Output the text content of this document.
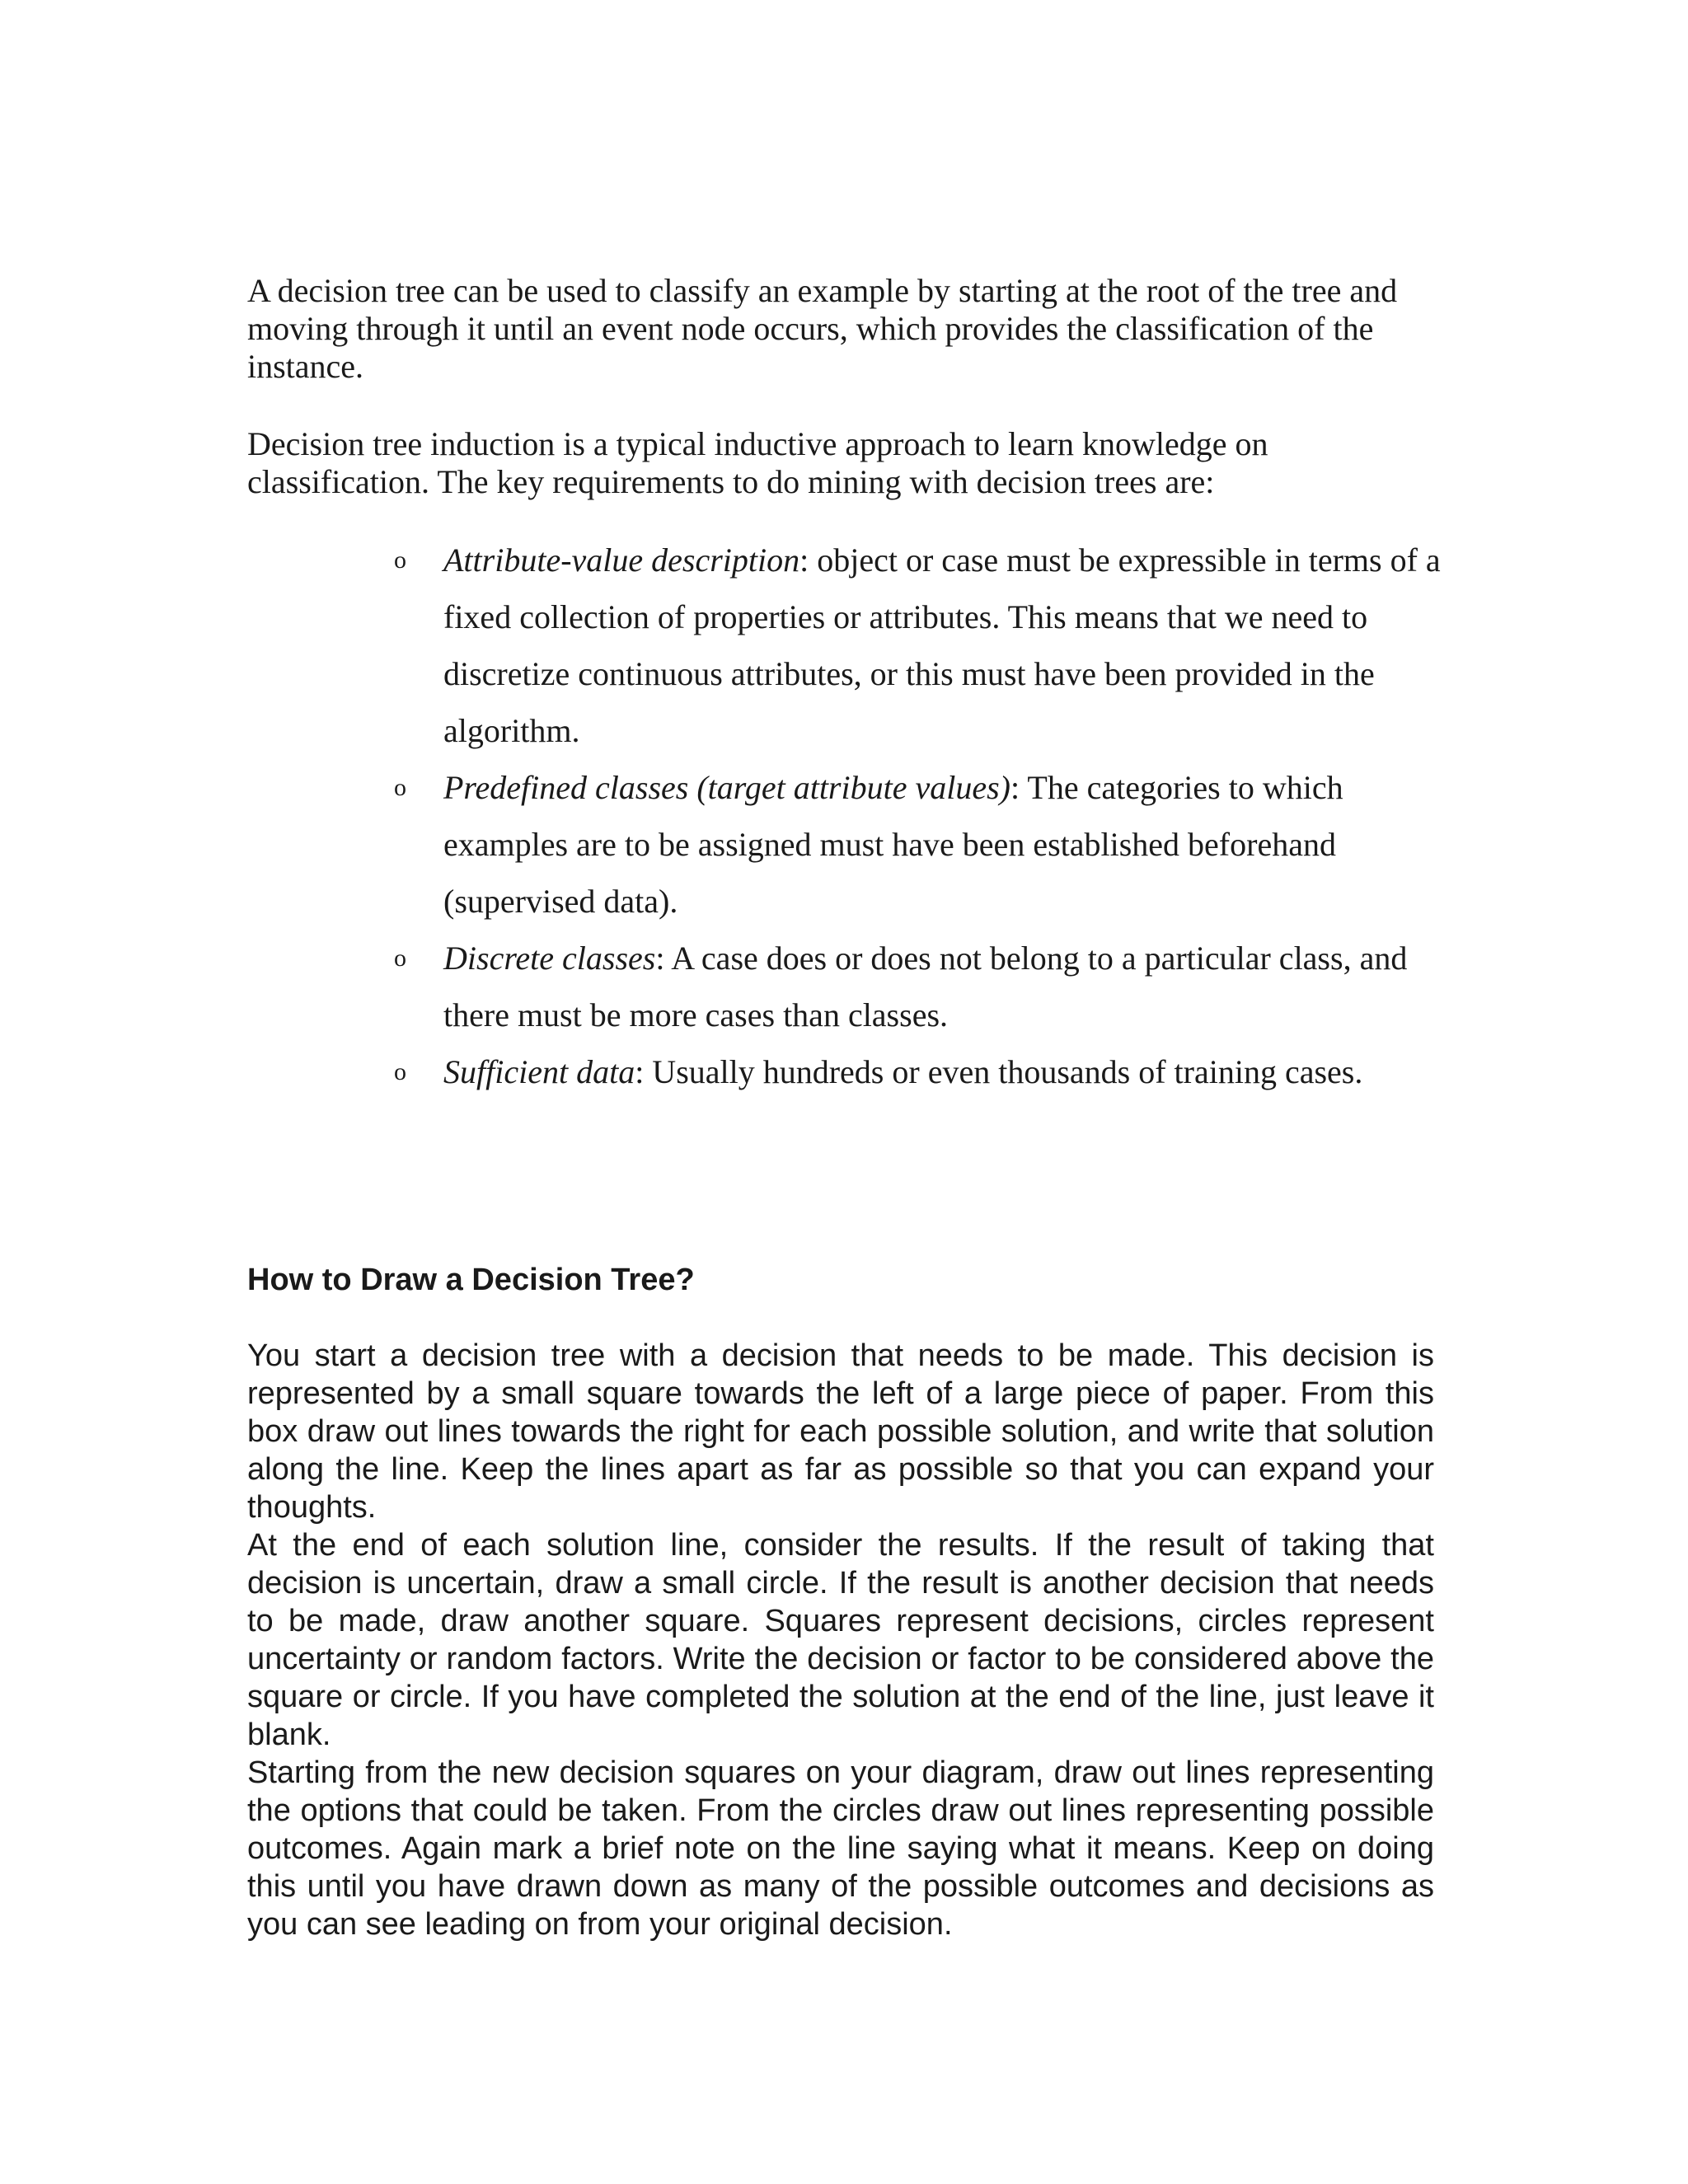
A decision tree can be used to classify an example by starting at the root of the tree and moving through it until an event node occurs, which provides the classification of the instance.

Decision tree induction is a typical inductive approach to learn knowledge on classification. The key requirements to do mining with decision trees are:

o Attribute-value description: object or case must be expressible in terms of a fixed collection of properties or attributes. This means that we need to discretize continuous attributes, or this must have been provided in the algorithm.
o Predefined classes (target attribute values): The categories to which examples are to be assigned must have been established beforehand (supervised data).
o Discrete classes: A case does or does not belong to a particular class, and there must be more cases than classes.
o Sufficient data: Usually hundreds or even thousands of training cases.
How to Draw a Decision Tree?

You start a decision tree with a decision that needs to be made. This decision is represented by a small square towards the left of a large piece of paper. From this box draw out lines towards the right for each possible solution, and write that solution along the line. Keep the lines apart as far as possible so that you can expand your thoughts.

At the end of each solution line, consider the results. If the result of taking that decision is uncertain, draw a small circle. If the result is another decision that needs to be made, draw another square. Squares represent decisions, circles represent uncertainty or random factors. Write the decision or factor to be considered above the square or circle. If you have completed the solution at the end of the line, just leave it blank.

Starting from the new decision squares on your diagram, draw out lines representing the options that could be taken. From the circles draw out lines representing possible outcomes. Again mark a brief note on the line saying what it means. Keep on doing this until you have drawn down as many of the possible outcomes and decisions as you can see leading on from your original decision.
